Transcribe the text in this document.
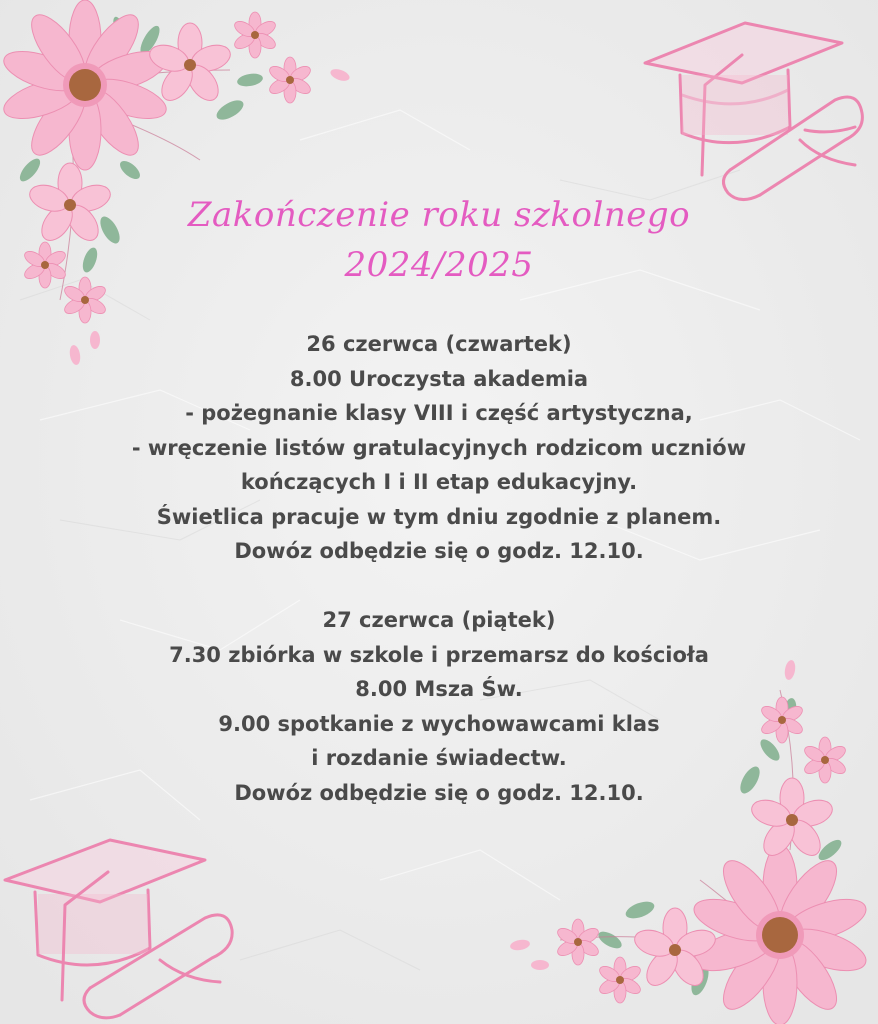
Zakończenie roku szkolnego
2024/2025
26 czerwca (czwartek)
8.00 Uroczysta akademia
- pożegnanie klasy VIII i część artystyczna,
- wręczenie listów gratulacyjnych rodzicom uczniów
kończących I i II etap edukacyjny.
Świetlica pracuje w tym dniu zgodnie z planem.
Dowóz odbędzie się o godz. 12.10.
27 czerwca (piątek)
7.30 zbiórka w szkole i przemarsz do kościoła
8.00 Msza Św.
9.00 spotkanie z wychowawcami klas
i rozdanie świadectw.
Dowóz odbędzie się o godz. 12.10.
